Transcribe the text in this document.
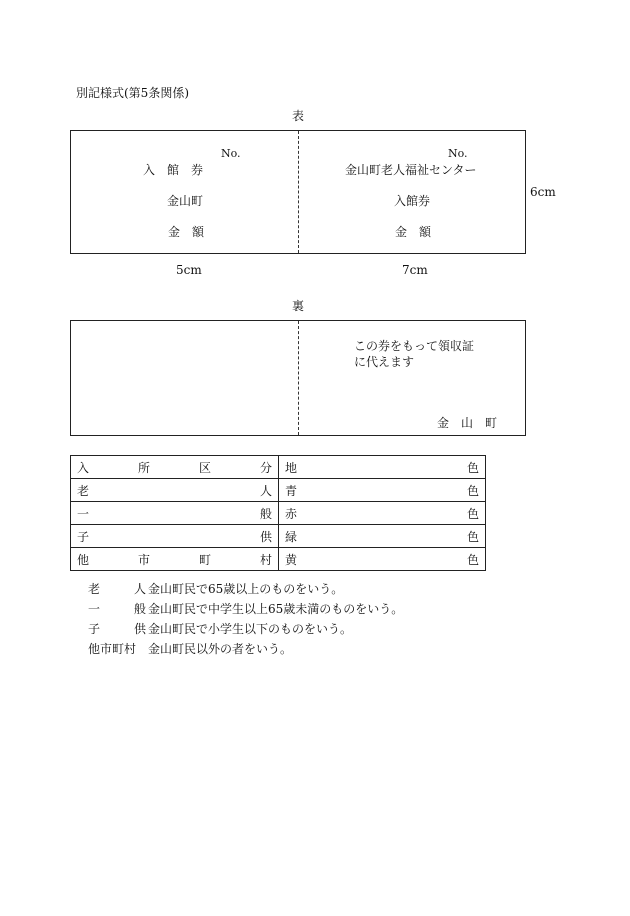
別記様式(第5条関係)
表
No.
入　館　券
金山町
金　額
No.
金山町老人福祉センター
入館券
金　額
6cm
5cm	7cm
裏
この券をもって領収証
に代えます
金　山　町
入 所 区 分	地 色

老 人	青 色

一 般	赤 色

子 供	緑 色

他 市 町 村	黄 色
老	人 金山町民で65歳以上のものをいう。
一	般 金山町民で中学生以上65歳未満のものをいう。
子	供 金山町民で小学生以下のものをいう。
他市町村 金山町民以外の者をいう。
